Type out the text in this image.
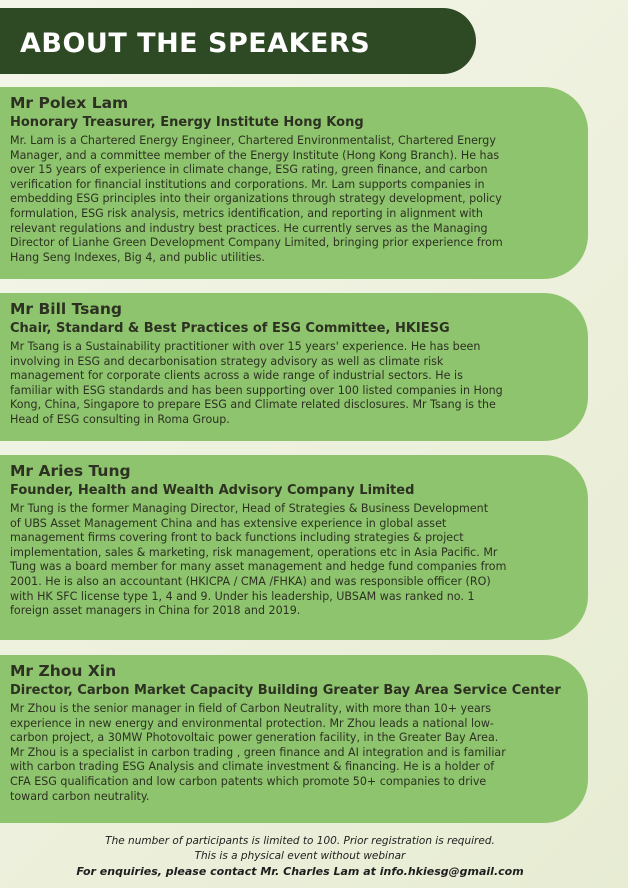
ABOUT THE SPEAKERS

Mr Polex Lam

Honorary Treasurer, Energy Institute Hong Kong

Mr. Lam is a Chartered Energy Engineer, Chartered Environmentalist, Chartered Energy
Manager, and a committee member of the Energy Institute (Hong Kong Branch). He has
over 15 years of experience in climate change, ESG rating, green finance, and carbon
verification for financial institutions and corporations. Mr. Lam supports companies in
embedding ESG principles into their organizations through strategy development, policy
formulation, ESG risk analysis, metrics identification, and reporting in alignment with
relevant regulations and industry best practices. He currently serves as the Managing
Director of Lianhe Green Development Company Limited, bringing prior experience from
Hang Seng Indexes, Big 4, and public utilities.

Mr Bill Tsang

Chair, Standard & Best Practices of ESG Committee, HKIESG

Mr Tsang is a Sustainability practitioner with over 15 years' experience. He has been
involving in ESG and decarbonisation strategy advisory as well as climate risk
management for corporate clients across a wide range of industrial sectors. He is
familiar with ESG standards and has been supporting over 100 listed companies in Hong
Kong, China, Singapore to prepare ESG and Climate related disclosures. Mr Tsang is the
Head of ESG consulting in Roma Group.

Mr Aries Tung

Founder, Health and Wealth Advisory Company Limited

Mr Tung is the former Managing Director, Head of Strategies & Business Development
of UBS Asset Management China and has extensive experience in global asset
management firms covering front to back functions including strategies & project
implementation, sales & marketing, risk management, operations etc in Asia Pacific. Mr
Tung was a board member for many asset management and hedge fund companies from
2001. He is also an accountant (HKICPA / CMA /FHKA) and was responsible officer (RO)
with HK SFC license type 1, 4 and 9. Under his leadership, UBSAM was ranked no. 1
foreign asset managers in China for 2018 and 2019.

Mr Zhou Xin

Director, Carbon Market Capacity Building Greater Bay Area Service Center

Mr Zhou is the senior manager in field of Carbon Neutrality, with more than 10+ years
experience in new energy and environmental protection. Mr Zhou leads a national low-
carbon project, a 30MW Photovoltaic power generation facility, in the Greater Bay Area.
Mr Zhou is a specialist in carbon trading , green finance and AI integration and is familiar
with carbon trading ESG Analysis and climate investment & financing. He is a holder of
CFA ESG qualification and low carbon patents which promote 50+ companies to drive
toward carbon neutrality.

The number of participants is limited to 100. Prior registration is required.

This is a physical event without webinar

For enquiries, please contact Mr. Charles Lam at info.hkiesg@gmail.com
